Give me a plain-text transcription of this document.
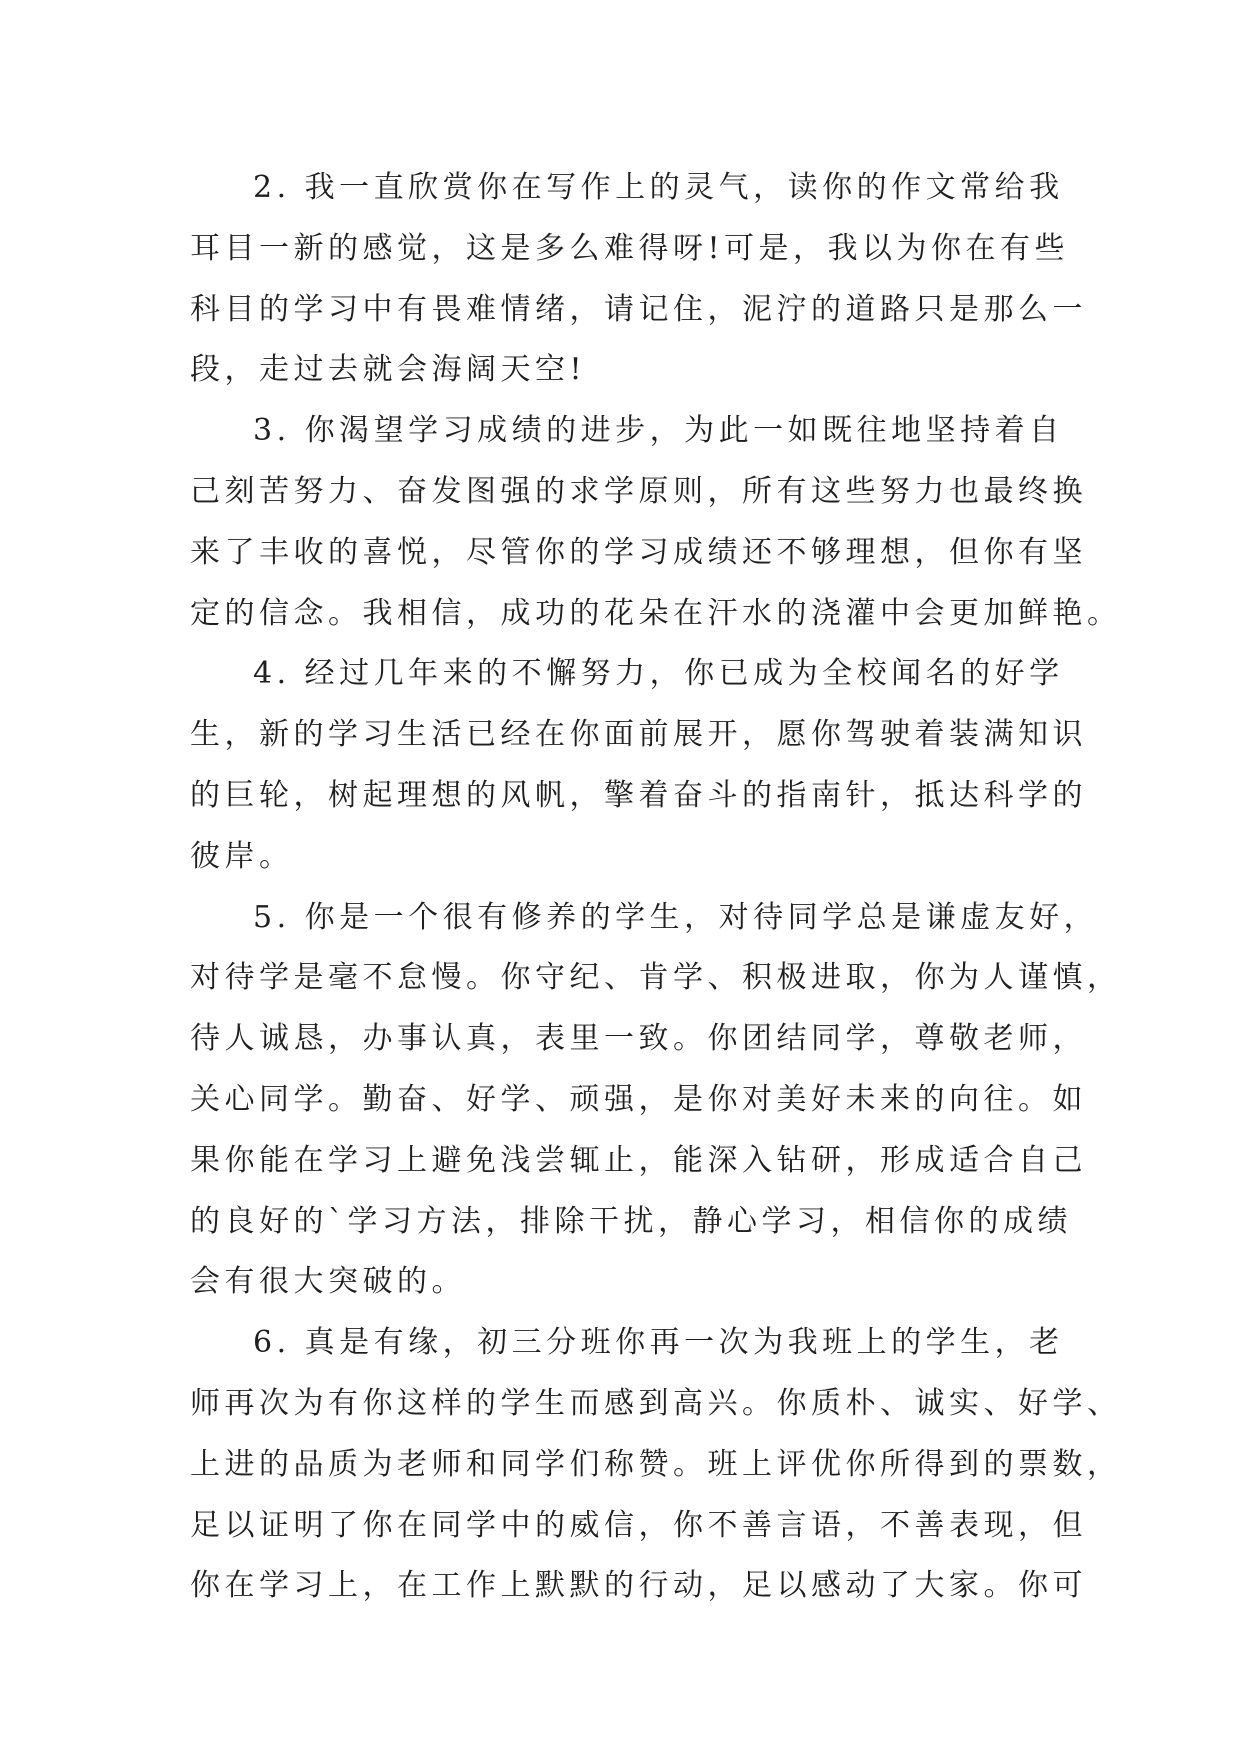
2. 我一直欣赏你在写作上的灵气，读你的作文常给我
耳目一新的感觉，这是多么难得呀!可是，我以为你在有些
科目的学习中有畏难情绪，请记住，泥泞的道路只是那么一
段，走过去就会海阔天空!
3. 你渴望学习成绩的进步，为此一如既往地坚持着自
己刻苦努力、奋发图强的求学原则，所有这些努力也最终换
来了丰收的喜悦，尽管你的学习成绩还不够理想，但你有坚
定的信念。我相信，成功的花朵在汗水的浇灌中会更加鲜艳。
4. 经过几年来的不懈努力，你已成为全校闻名的好学
生，新的学习生活已经在你面前展开，愿你驾驶着装满知识
的巨轮，树起理想的风帆，擎着奋斗的指南针，抵达科学的
彼岸。
5. 你是一个很有修养的学生，对待同学总是谦虚友好，
对待学是毫不怠慢。你守纪、肯学、积极进取，你为人谨慎，
待人诚恳，办事认真，表里一致。你团结同学，尊敬老师，
关心同学。勤奋、好学、顽强，是你对美好未来的向往。如
果你能在学习上避免浅尝辄止，能深入钻研，形成适合自己
的良好的`学习方法，排除干扰，静心学习，相信你的成绩
会有很大突破的。
6. 真是有缘，初三分班你再一次为我班上的学生，老
师再次为有你这样的学生而感到高兴。你质朴、诚实、好学、
上进的品质为老师和同学们称赞。班上评优你所得到的票数，
足以证明了你在同学中的威信，你不善言语，不善表现，但
你在学习上，在工作上默默的行动，足以感动了大家。你可
